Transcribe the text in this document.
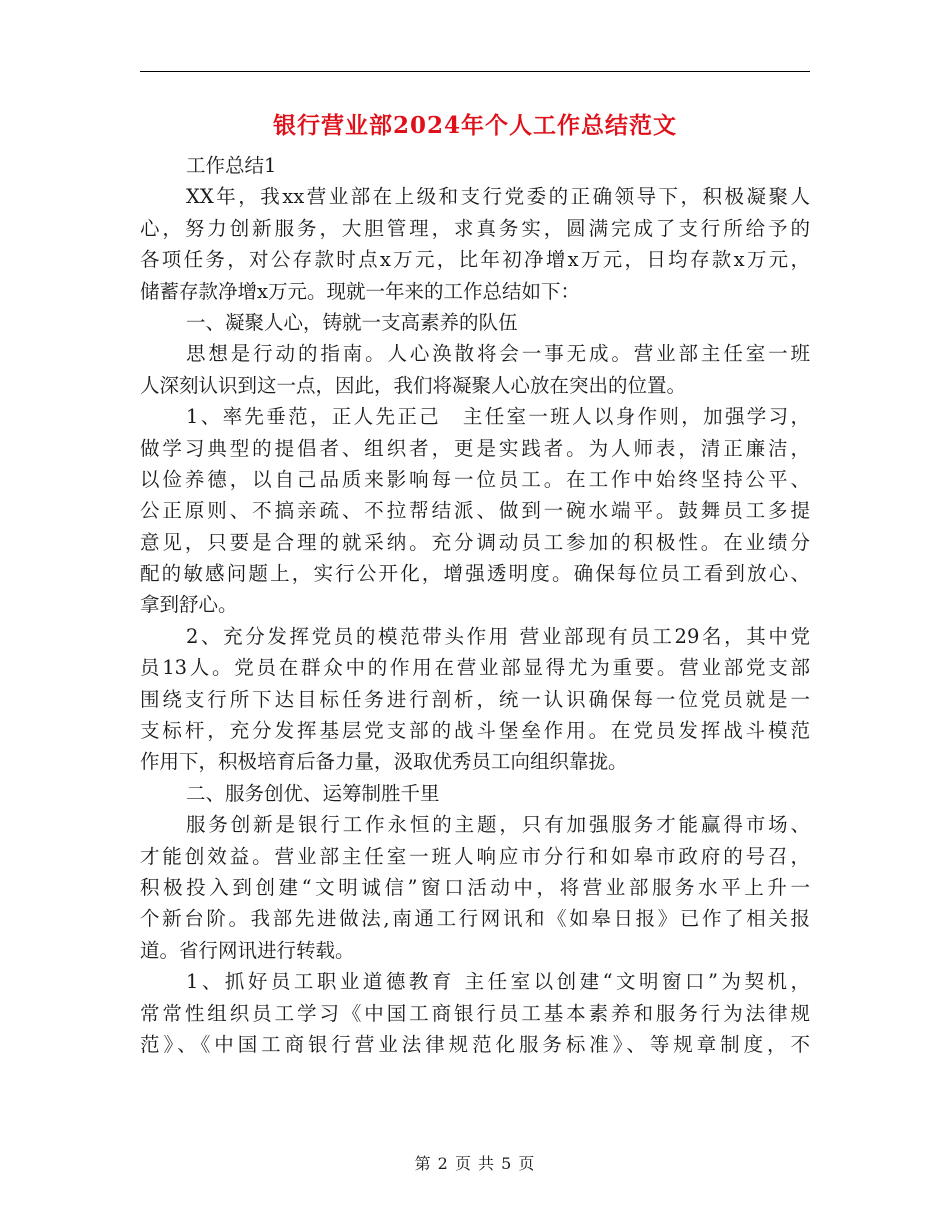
银行营业部2024年个人工作总结范文
工作总结1
XX年，我xx营业部在上级和支行党委的正确领导下，积极凝聚人
心，努力创新服务，大胆管理，求真务实，圆满完成了支行所给予的
各项任务，对公存款时点x万元，比年初净增x万元，日均存款x万元，
储蓄存款净增x万元。现就一年来的工作总结如下：
一、凝聚人心，铸就一支高素养的队伍
思想是行动的指南。人心涣散将会一事无成。营业部主任室一班
人深刻认识到这一点，因此，我们将凝聚人心放在突出的位置。
1、率先垂范，正人先正己　主任室一班人以身作则，加强学习，
做学习典型的提倡者、组织者，更是实践者。为人师表，清正廉洁，
以俭养德，以自己品质来影响每一位员工。在工作中始终坚持公平、
公正原则、不搞亲疏、不拉帮结派、做到一碗水端平。鼓舞员工多提
意见，只要是合理的就采纳。充分调动员工参加的积极性。在业绩分
配的敏感问题上，实行公开化，增强透明度。确保每位员工看到放心、
拿到舒心。
2、充分发挥党员的模范带头作用 营业部现有员工29名，其中党
员13人。党员在群众中的作用在营业部显得尤为重要。营业部党支部
围绕支行所下达目标任务进行剖析，统一认识确保每一位党员就是一
支标杆，充分发挥基层党支部的战斗堡垒作用。在党员发挥战斗模范
作用下，积极培育后备力量，汲取优秀员工向组织靠拢。
二、服务创优、运筹制胜千里
服务创新是银行工作永恒的主题，只有加强服务才能赢得市场、
才能创效益。营业部主任室一班人响应市分行和如皋市政府的号召，
积极投入到创建“文明诚信”窗口活动中，将营业部服务水平上升一
个新台阶。我部先进做法,南通工行网讯和《如皋日报》已作了相关报
道。省行网讯进行转载。
1、抓好员工职业道德教育 主任室以创建“文明窗口”为契机，
常常性组织员工学习《中国工商银行员工基本素养和服务行为法律规
范》、《中国工商银行营业法律规范化服务标准》、等规章制度，不
第 2 页 共 5 页
